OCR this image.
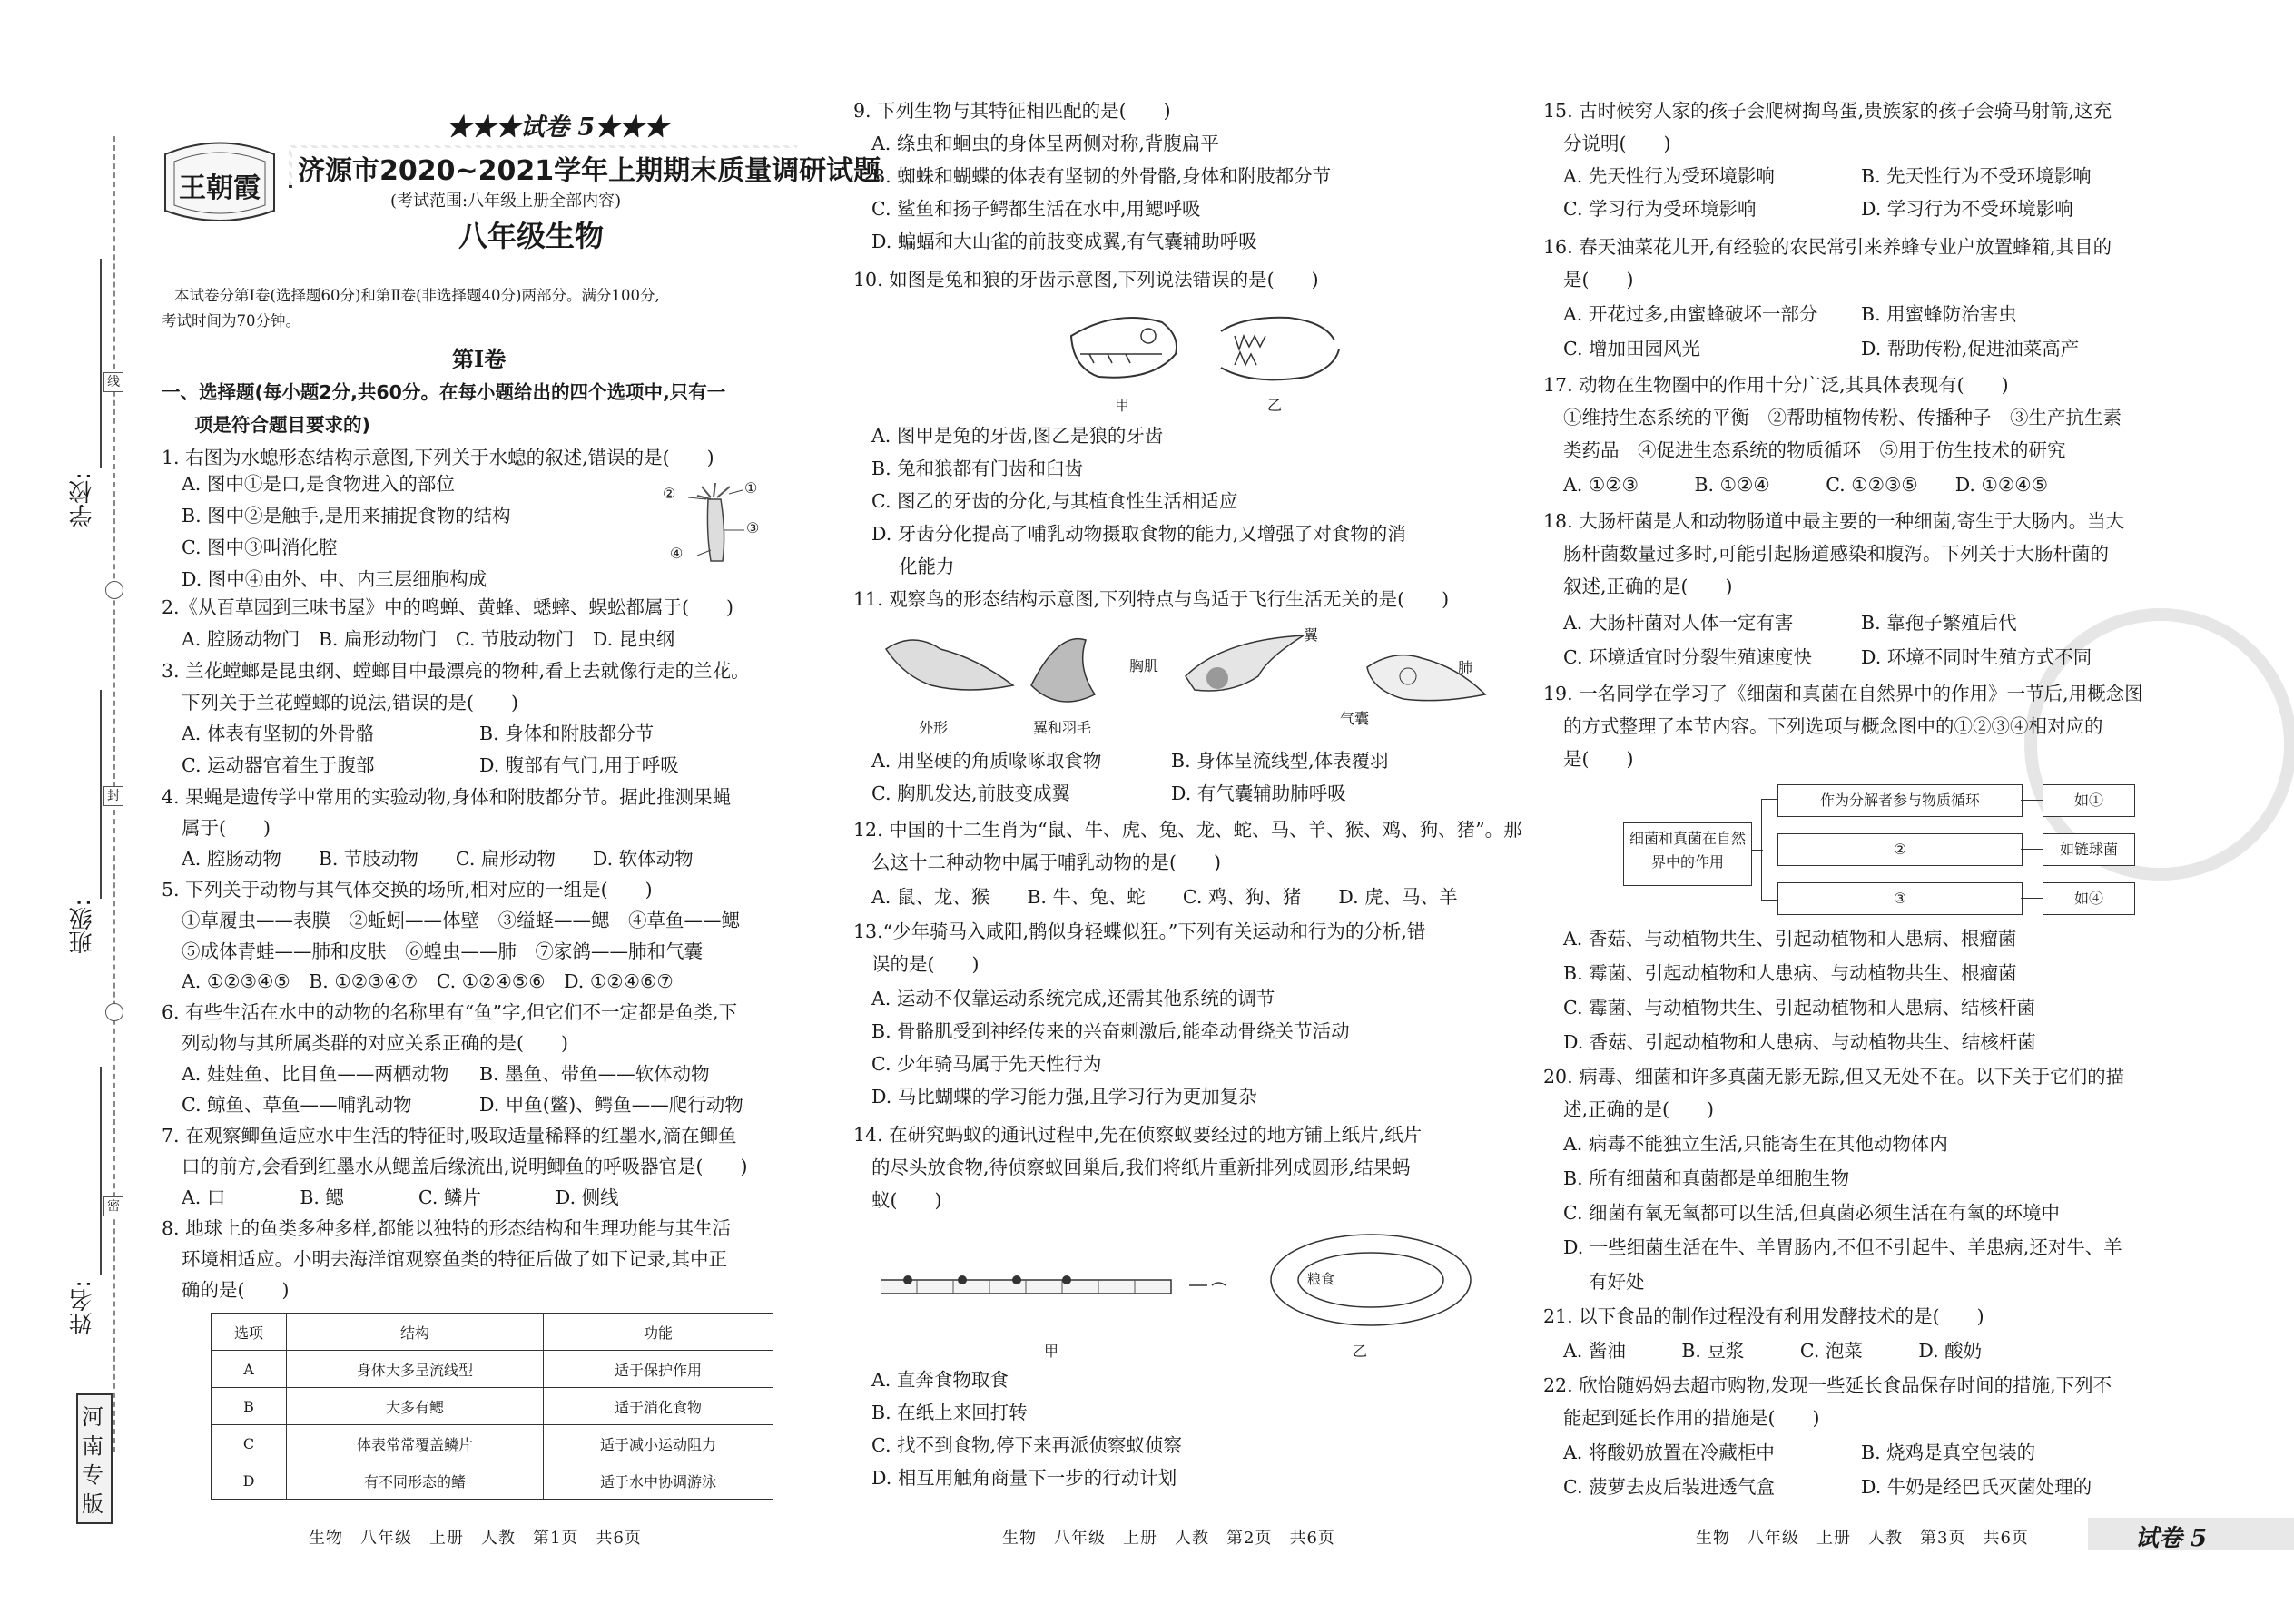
线
封
密
学校:
班级:
姓名:
河南专版
王朝霞
★★★试卷 5★★★
济源市2020~2021学年上期期末质量调研试题
(考试范围:八年级上册全部内容)
八年级生物
本试卷分第Ⅰ卷(选择题60分)和第Ⅱ卷(非选择题40分)两部分。满分100分,
考试时间为70分钟。
第Ⅰ卷
一、选择题(每小题2分,共60分。在每小题给出的四个选项中,只有一
项是符合题目要求的)
1. 右图为水螅形态结构示意图,下列关于水螅的叙述,错误的是(　　)
A. 图中①是口,是食物进入的部位
B. 图中②是触手,是用来捕捉食物的结构
C. 图中③叫消化腔
D. 图中④由外、中、内三层细胞构成
②	①
③
④
2.《从百草园到三味书屋》中的鸣蝉、黄蜂、蟋蟀、蜈蚣都属于(　　)
A. 腔肠动物门　B. 扁形动物门　C. 节肢动物门　D. 昆虫纲
3. 兰花螳螂是昆虫纲、螳螂目中最漂亮的物种,看上去就像行走的兰花。
下列关于兰花螳螂的说法,错误的是(　　)
A. 体表有坚韧的外骨骼	B. 身体和附肢都分节
C. 运动器官着生于腹部	D. 腹部有气门,用于呼吸
4. 果蝇是遗传学中常用的实验动物,身体和附肢都分节。据此推测果蝇
属于(　　)
A. 腔肠动物　　B. 节肢动物　　C. 扁形动物　　D. 软体动物
5. 下列关于动物与其气体交换的场所,相对应的一组是(　　)
①草履虫——表膜　②蚯蚓——体壁　③缢蛏——鳃　④草鱼——鳃
⑤成体青蛙——肺和皮肤　⑥蝗虫——肺　⑦家鸽——肺和气囊
A. ①②③④⑤　B. ①②③④⑦　C. ①②④⑤⑥　D. ①②④⑥⑦
6. 有些生活在水中的动物的名称里有“鱼”字,但它们不一定都是鱼类,下
列动物与其所属类群的对应关系正确的是(　　)
A. 娃娃鱼、比目鱼——两栖动物 B. 墨鱼、带鱼——软体动物
C. 鲸鱼、草鱼——哺乳动物	D. 甲鱼(鳖)、鳄鱼——爬行动物
7. 在观察鲫鱼适应水中生活的特征时,吸取适量稀释的红墨水,滴在鲫鱼
口的前方,会看到红墨水从鳃盖后缘流出,说明鲫鱼的呼吸器官是(　　)
A. 口　　　　B. 鳃　　　　C. 鳞片　　　　D. 侧线
8. 地球上的鱼类多种多样,都能以独特的形态结构和生理功能与其生活
环境相适应。小明去海洋馆观察鱼类的特征后做了如下记录,其中正
确的是(　　)
选项	结构	功能
A	身体大多呈流线型	适于保护作用
B	大多有鳃	适于消化食物
C	体表常常覆盖鳞片	适于减小运动阻力
D	有不同形态的鳍	适于水中协调游泳
9. 下列生物与其特征相匹配的是(　　)
A. 绦虫和蛔虫的身体呈两侧对称,背腹扁平
B. 蜘蛛和蝴蝶的体表有坚韧的外骨骼,身体和附肢都分节
C. 鲨鱼和扬子鳄都生活在水中,用鳃呼吸
D. 蝙蝠和大山雀的前肢变成翼,有气囊辅助呼吸
10. 如图是兔和狼的牙齿示意图,下列说法错误的是(　　)
甲	乙
A. 图甲是兔的牙齿,图乙是狼的牙齿
B. 兔和狼都有门齿和臼齿
C. 图乙的牙齿的分化,与其植食性生活相适应
D. 牙齿分化提高了哺乳动物摄取食物的能力,又增强了对食物的消
化能力
11. 观察鸟的形态结构示意图,下列特点与鸟适于飞行生活无关的是(　　)
外形	翼和羽毛
胸肌
翼
肺
气囊
A. 用坚硬的角质喙啄取食物	B. 身体呈流线型,体表覆羽
C. 胸肌发达,前肢变成翼	D. 有气囊辅助肺呼吸
12. 中国的十二生肖为“鼠、牛、虎、兔、龙、蛇、马、羊、猴、鸡、狗、猪”。那
么这十二种动物中属于哺乳动物的是(　　)
A. 鼠、龙、猴　　B. 牛、兔、蛇　　C. 鸡、狗、猪　　D. 虎、马、羊
13.“少年骑马入咸阳,鹘似身轻蝶似狂。”下列有关运动和行为的分析,错
误的是(　　)
A. 运动不仅靠运动系统完成,还需其他系统的调节
B. 骨骼肌受到神经传来的兴奋刺激后,能牵动骨绕关节活动
C. 少年骑马属于先天性行为
D. 马比蝴蝶的学习能力强,且学习行为更加复杂
14. 在研究蚂蚁的通讯过程中,先在侦察蚁要经过的地方铺上纸片,纸片
的尽头放食物,待侦察蚁回巢后,我们将纸片重新排列成圆形,结果蚂
蚁(　　)
粮食
甲	乙
A. 直奔食物取食
B. 在纸上来回打转
C. 找不到食物,停下来再派侦察蚁侦察
D. 相互用触角商量下一步的行动计划
15. 古时候穷人家的孩子会爬树掏鸟蛋,贵族家的孩子会骑马射箭,这充
分说明(　　)
A. 先天性行为受环境影响	B. 先天性行为不受环境影响
C. 学习行为受环境影响	D. 学习行为不受环境影响
16. 春天油菜花儿开,有经验的农民常引来养蜂专业户放置蜂箱,其目的
是(　　)
A. 开花过多,由蜜蜂破坏一部分 B. 用蜜蜂防治害虫
C. 增加田园风光	D. 帮助传粉,促进油菜高产
17. 动物在生物圈中的作用十分广泛,其具体表现有(　　)
①维持生态系统的平衡　②帮助植物传粉、传播种子　③生产抗生素
类药品　④促进生态系统的物质循环　⑤用于仿生技术的研究
A. ①②③　　　B. ①②④　　　C. ①②③⑤　　D. ①②④⑤
18. 大肠杆菌是人和动物肠道中最主要的一种细菌,寄生于大肠内。当大
肠杆菌数量过多时,可能引起肠道感染和腹泻。下列关于大肠杆菌的
叙述,正确的是(　　)
A. 大肠杆菌对人体一定有害	B. 靠孢子繁殖后代
C. 环境适宜时分裂生殖速度快	D. 环境不同时生殖方式不同
19. 一名同学在学习了《细菌和真菌在自然界中的作用》一节后,用概念图
的方式整理了本节内容。下列选项与概念图中的①②③④相对应的
是(　　)
细菌和真菌在自然界中的作用
作为分解者参与物质循环
②
③
如①
如链球菌
如④
A. 香菇、与动植物共生、引起动植物和人患病、根瘤菌
B. 霉菌、引起动植物和人患病、与动植物共生、根瘤菌
C. 霉菌、与动植物共生、引起动植物和人患病、结核杆菌
D. 香菇、引起动植物和人患病、与动植物共生、结核杆菌
20. 病毒、细菌和许多真菌无影无踪,但又无处不在。以下关于它们的描
述,正确的是(　　)
A. 病毒不能独立生活,只能寄生在其他动物体内
B. 所有细菌和真菌都是单细胞生物
C. 细菌有氧无氧都可以生活,但真菌必须生活在有氧的环境中
D. 一些细菌生活在牛、羊胃肠内,不但不引起牛、羊患病,还对牛、羊
有好处
21. 以下食品的制作过程没有利用发酵技术的是(　　)
A. 酱油　　　B. 豆浆　　　C. 泡菜　　　D. 酸奶
22. 欣怡随妈妈去超市购物,发现一些延长食品保存时间的措施,下列不
能起到延长作用的措施是(　　)
A. 将酸奶放置在冷藏柜中	B. 烧鸡是真空包装的
C. 菠萝去皮后装进透气盒	D. 牛奶是经巴氏灭菌处理的
生物　八年级　上册　人教　第1页　共6页	生物　八年级　上册　人教　第2页　共6页	生物　八年级　上册　人教　第3页　共6页	试卷 5
